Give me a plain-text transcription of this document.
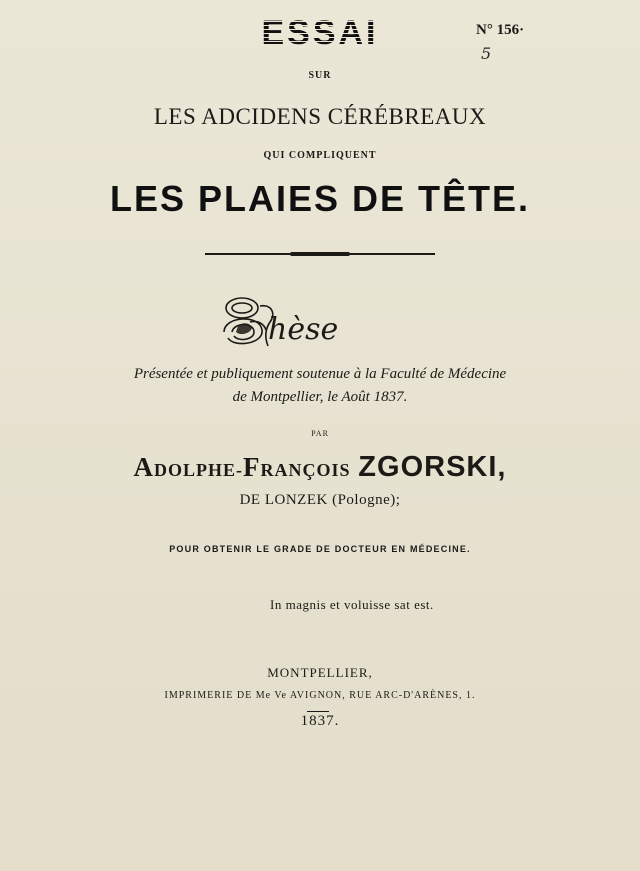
ESSAI	N° 156·
5
SUR
LES ADCIDENS CÉRÉBREAUX
QUI COMPLIQUENT
LES PLAIES DE TÊTE.
hèse
Présentée et publiquement soutenue à la Faculté de Médecine
de Montpellier, le Août 1837.
PAR
ADOLPHE-FRANÇOIS ZGORSKI,
DE LONZEK (Pologne);
POUR OBTENIR LE GRADE DE DOCTEUR EN MÉDECINE.
In magnis et voluisse sat est.
MONTPELLIER,
IMPRIMERIE DE Me Ve AVIGNON, RUE ARC-D'ARÈNES, 1.
1837.
